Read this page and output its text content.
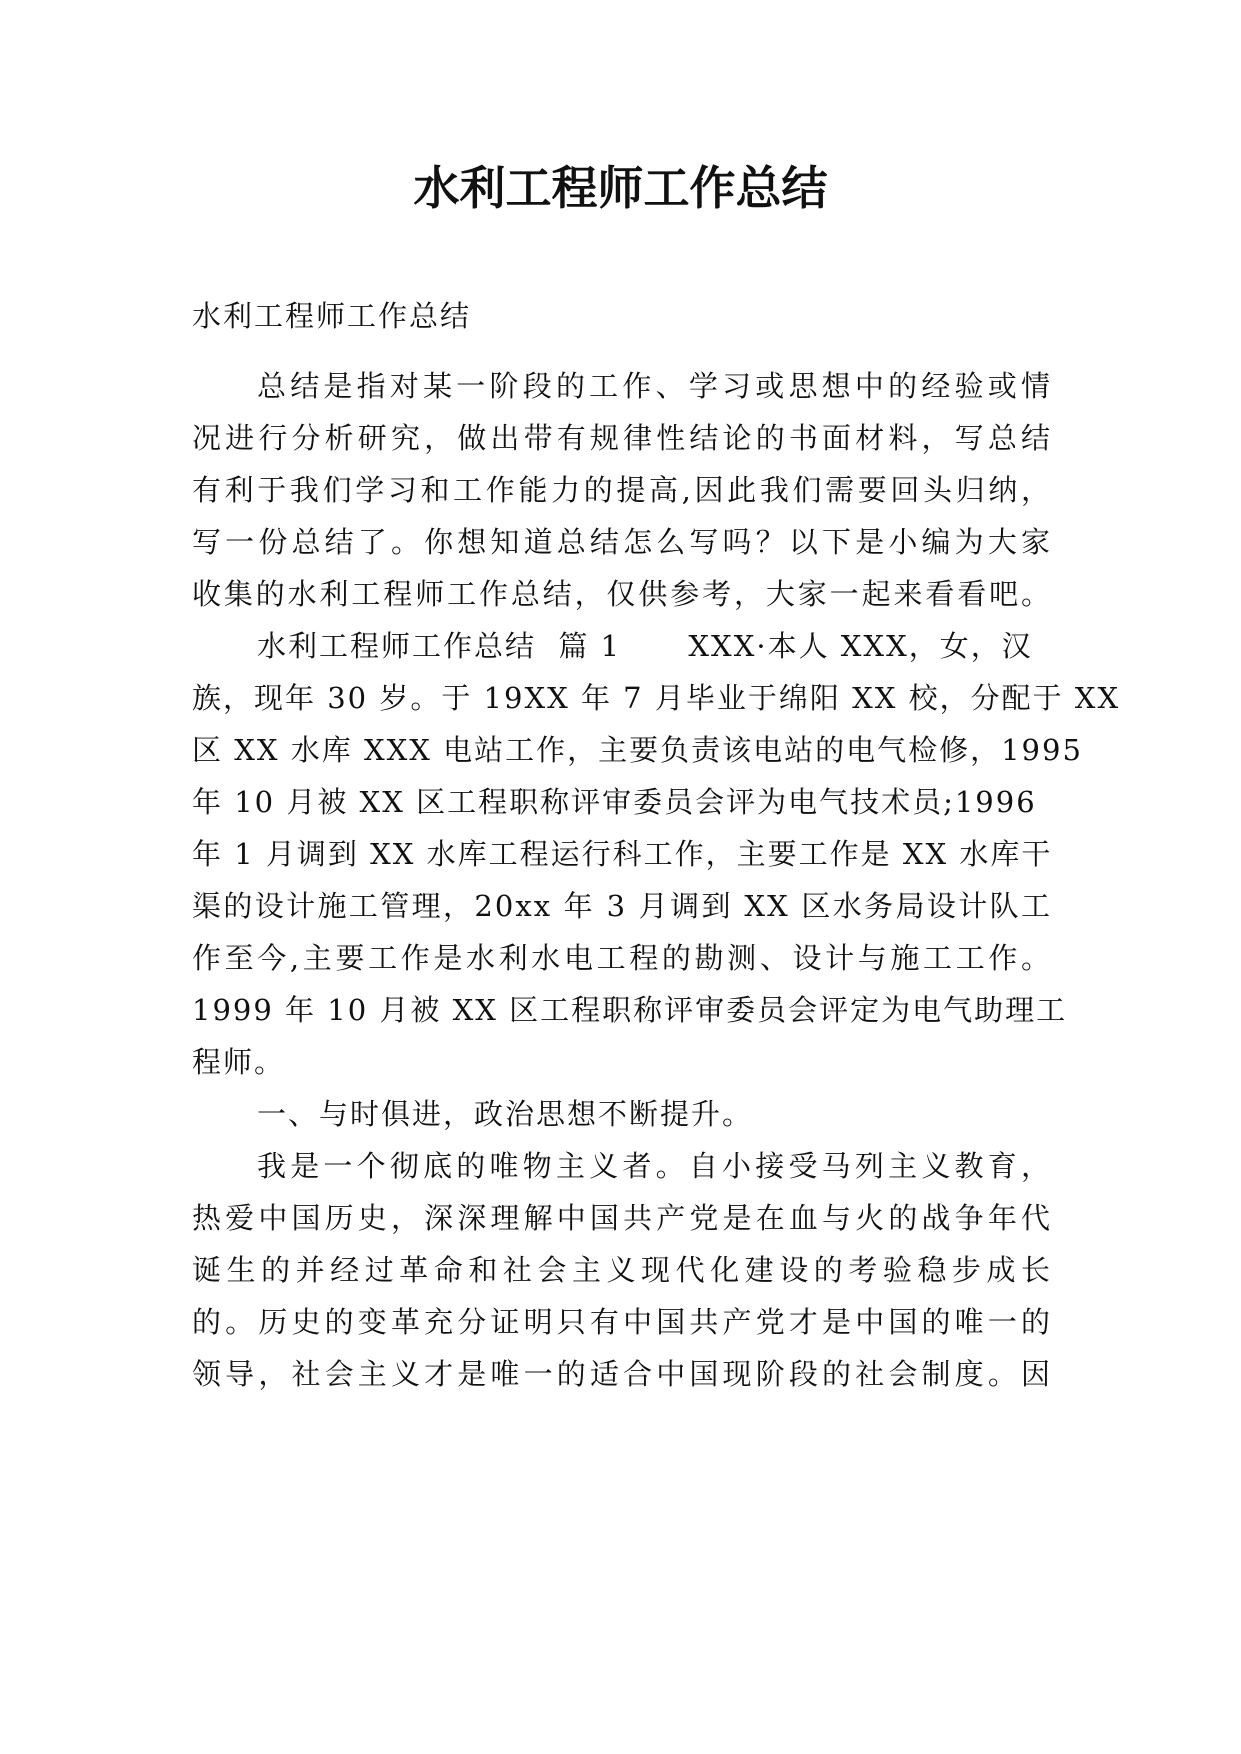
水利工程师工作总结
水利工程师工作总结
总结是指对某一阶段的工作、学习或思想中的经验或情
况进行分析研究，做出带有规律性结论的书面材料，写总结
有利于我们学习和工作能力的提高,因此我们需要回头归纳，
写一份总结了。你想知道总结怎么写吗？以下是小编为大家
收集的水利工程师工作总结，仅供参考，大家一起来看看吧。
水利工程师工作总结  篇 1      XXX·本人 XXX，女，汉
族，现年 30 岁。于 19XX 年 7 月毕业于绵阳 XX 校，分配于 XX
区 XX 水库 XXX 电站工作，主要负责该电站的电气检修，1995
年 10 月被 XX 区工程职称评审委员会评为电气技术员;1996
年 1 月调到 XX 水库工程运行科工作，主要工作是 XX 水库干
渠的设计施工管理，20xx 年 3 月调到 XX 区水务局设计队工
作至今,主要工作是水利水电工程的勘测、设计与施工工作。
1999 年 10 月被 XX 区工程职称评审委员会评定为电气助理工
程师。
一、与时俱进，政治思想不断提升。
我是一个彻底的唯物主义者。自小接受马列主义教育，
热爱中国历史，深深理解中国共产党是在血与火的战争年代
诞生的并经过革命和社会主义现代化建设的考验稳步成长
的。历史的变革充分证明只有中国共产党才是中国的唯一的
领导，社会主义才是唯一的适合中国现阶段的社会制度。因
